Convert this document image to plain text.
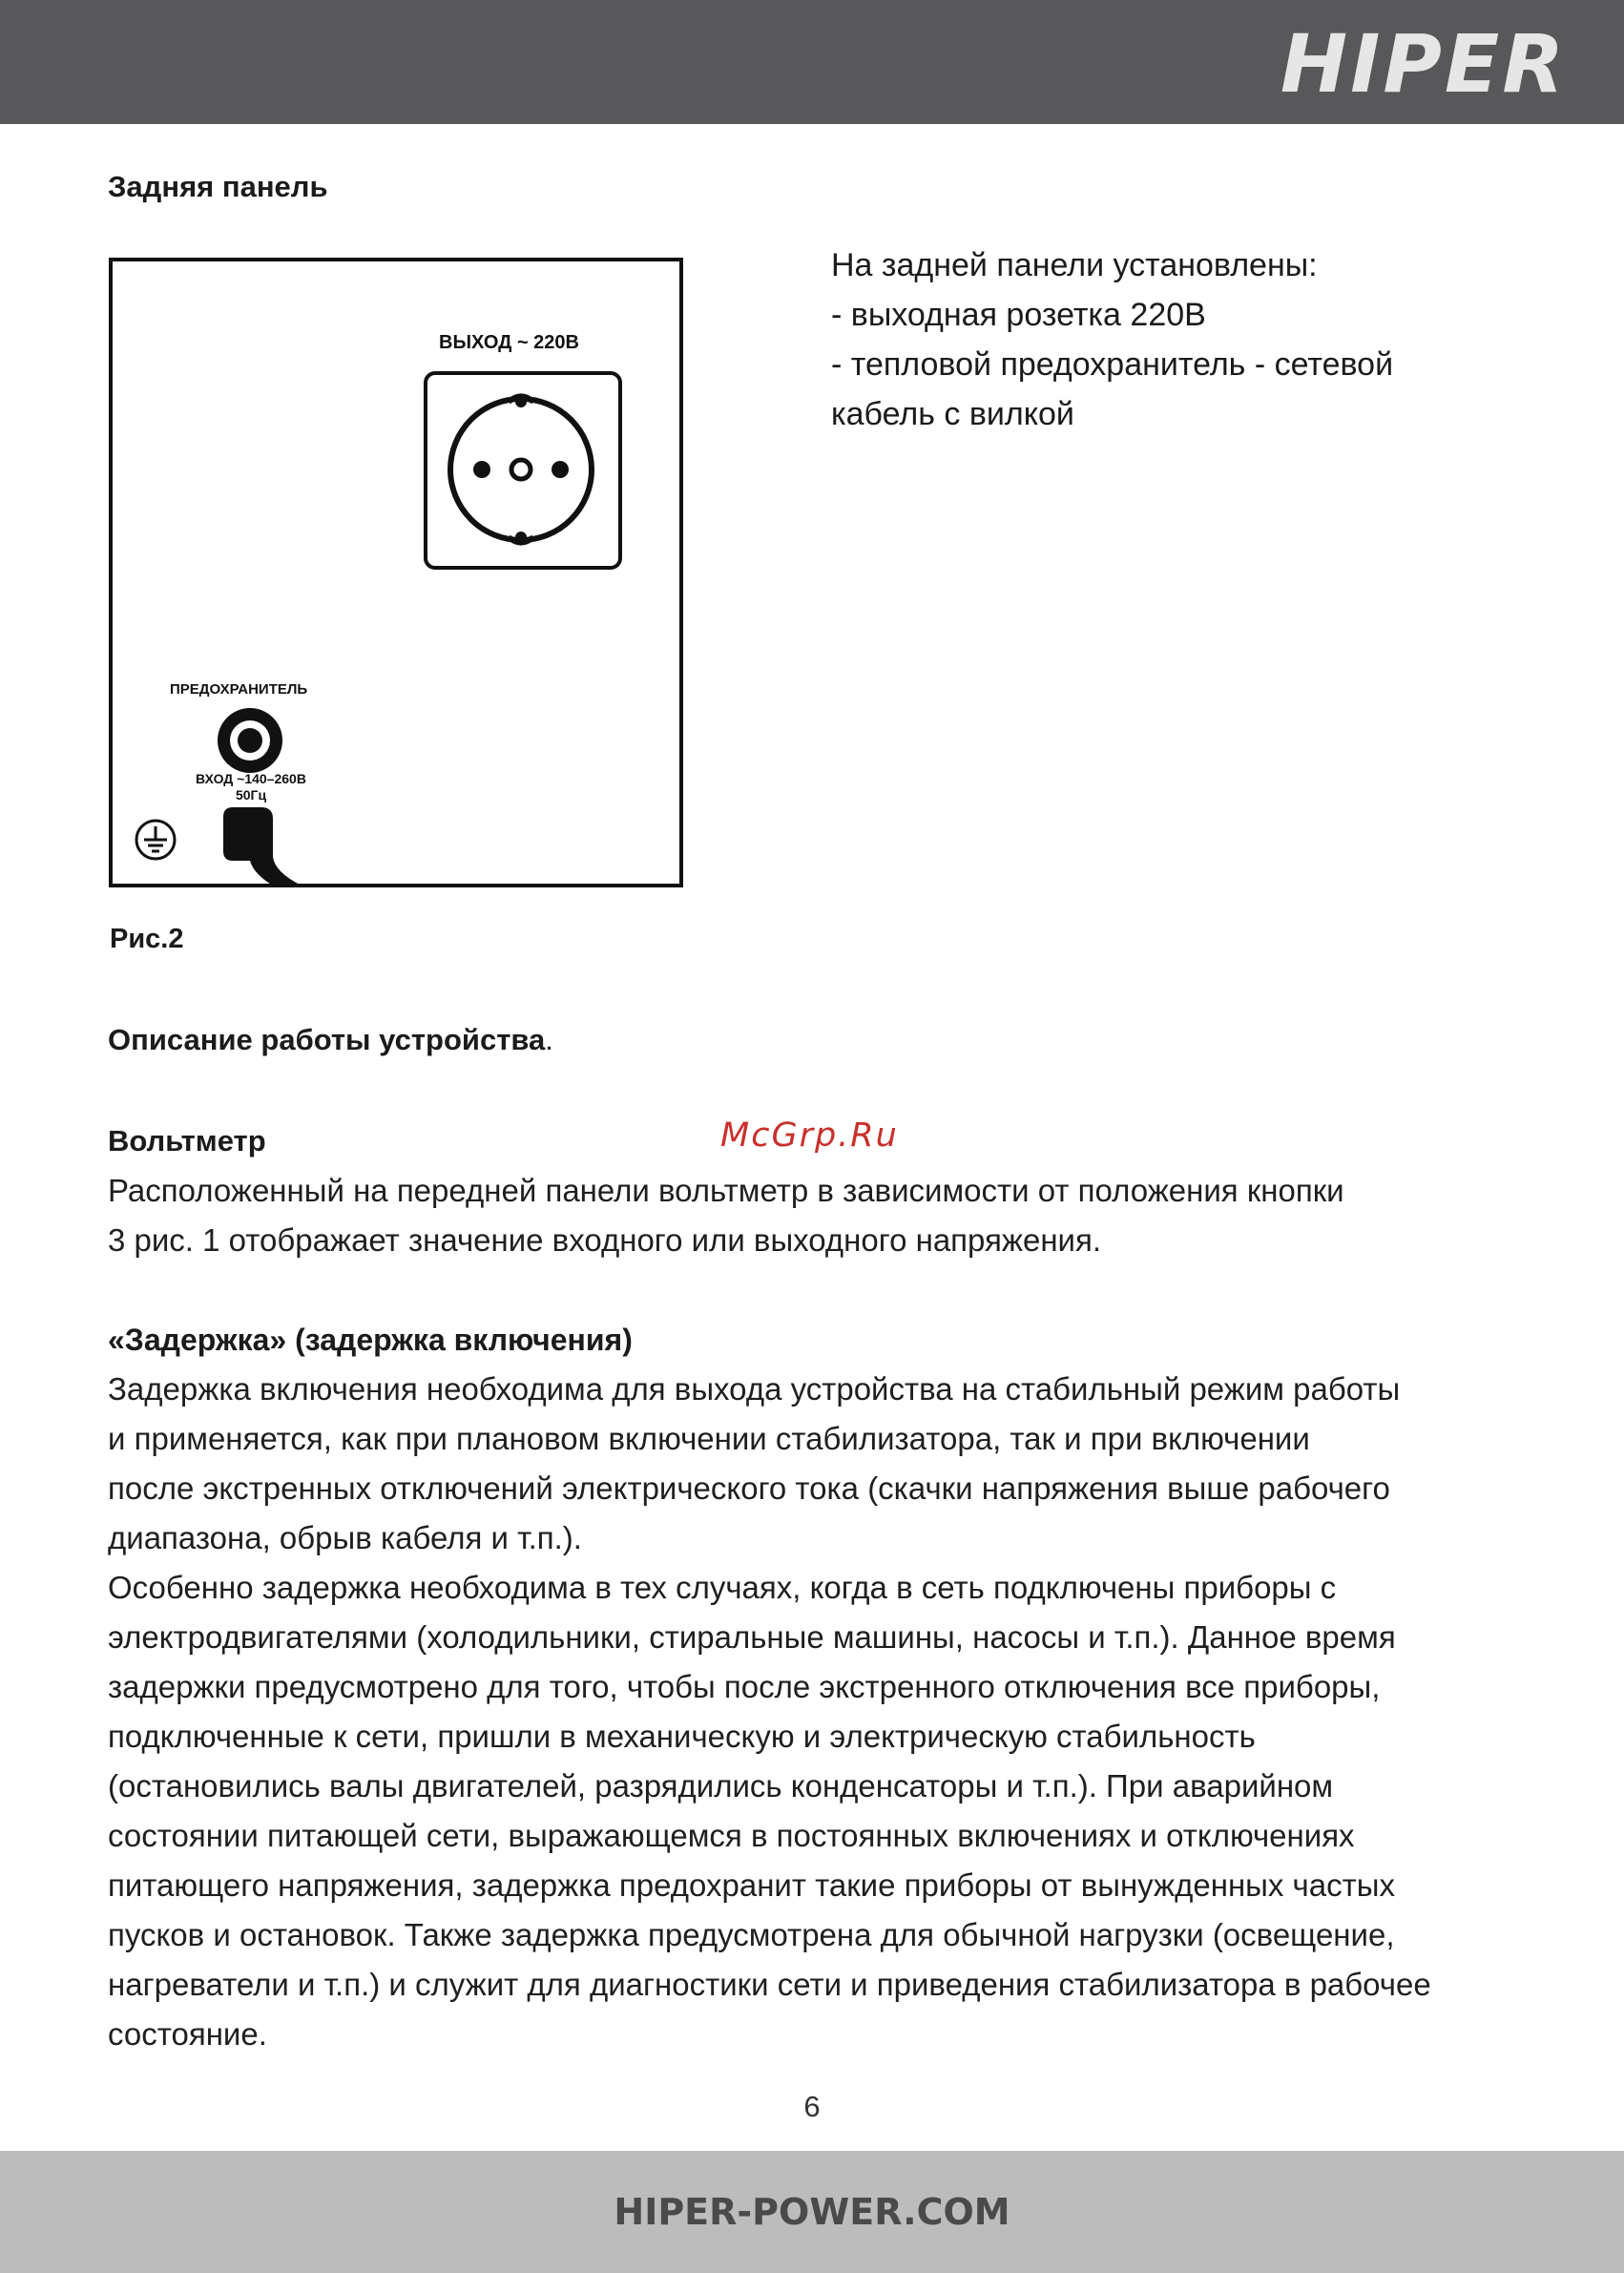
HIPER
Задняя панель
ВЫХОД ~ 220В
ПРЕДОХРАНИТЕЛЬ
ВХОД ~140–260В
50Гц
Рис.2
На задней панели установлены:
- выходная розетка 220В
- тепловой предохранитель - сетевой
кабель с вилкой
Описание работы устройства.
McGrp.Ru
Вольтметр
Расположенный на передней панели вольтметр в зависимости от положения кнопки
3 рис. 1 отображает значение входного или выходного напряжения.
«Задержка» (задержка включения)
Задержка включения необходима для выхода устройства на стабильный режим работы
и применяется, как при плановом включении стабилизатора, так и при включении
после экстренных отключений электрического тока (скачки напряжения выше рабочего
диапазона, обрыв кабеля и т.п.).
Особенно задержка необходима в тех случаях, когда в сеть подключены приборы с
электродвигателями (холодильники, стиральные машины, насосы и т.п.). Данное время
задержки предусмотрено для того, чтобы после экстренного отключения все приборы,
подключенные к сети, пришли в механическую и электрическую стабильность
(остановились валы двигателей, разрядились конденсаторы и т.п.). При аварийном
состоянии питающей сети, выражающемся в постоянных включениях и отключениях
питающего напряжения, задержка предохранит такие приборы от вынужденных частых
пусков и остановок. Также задержка предусмотрена для обычной нагрузки (освещение,
нагреватели и т.п.) и служит для диагностики сети и приведения стабилизатора в рабочее
состояние.
6
HIPER-POWER.COM
